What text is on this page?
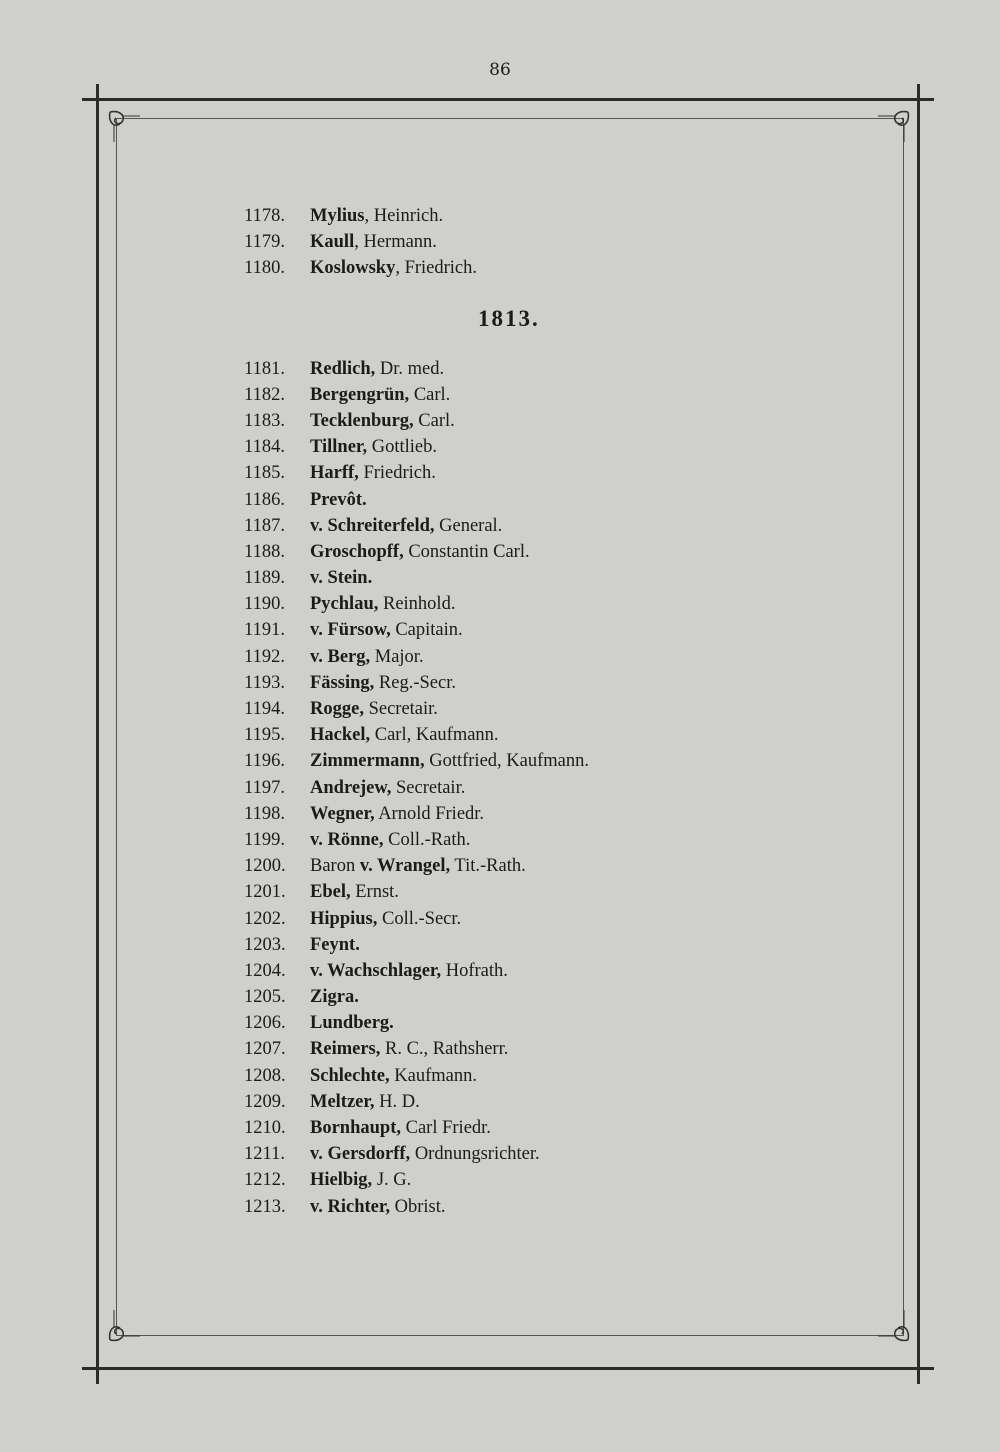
86
1178. Mylius, Heinrich.
1179. Kaull, Hermann.
1180. Koslowsky, Friedrich.
1813.
1181. Redlich, Dr. med.
1182. Bergengrün, Carl.
1183. Tecklenburg, Carl.
1184. Tillner, Gottlieb.
1185. Harff, Friedrich.
1186. Prevôt.
1187. v. Schreiterfeld, General.
1188. Groschopff, Constantin Carl.
1189. v. Stein.
1190. Pychlau, Reinhold.
1191. v. Fürsow, Capitain.
1192. v. Berg, Major.
1193. Fässing, Reg.-Secr.
1194. Rogge, Secretair.
1195. Hackel, Carl, Kaufmann.
1196. Zimmermann, Gottfried, Kaufmann.
1197. Andrejew, Secretair.
1198. Wegner, Arnold Friedr.
1199. v. Rönne, Coll.-Rath.
1200. Baron v. Wrangel, Tit.-Rath.
1201. Ebel, Ernst.
1202. Hippius, Coll.-Secr.
1203. Feynt.
1204. v. Wachschlager, Hofrath.
1205. Zigra.
1206. Lundberg.
1207. Reimers, R. C., Rathsherr.
1208. Schlechte, Kaufmann.
1209. Meltzer, H. D.
1210. Bornhaupt, Carl Friedr.
1211. v. Gersdorff, Ordnungsrichter.
1212. Hielbig, J. G.
1213. v. Richter, Obrist.
